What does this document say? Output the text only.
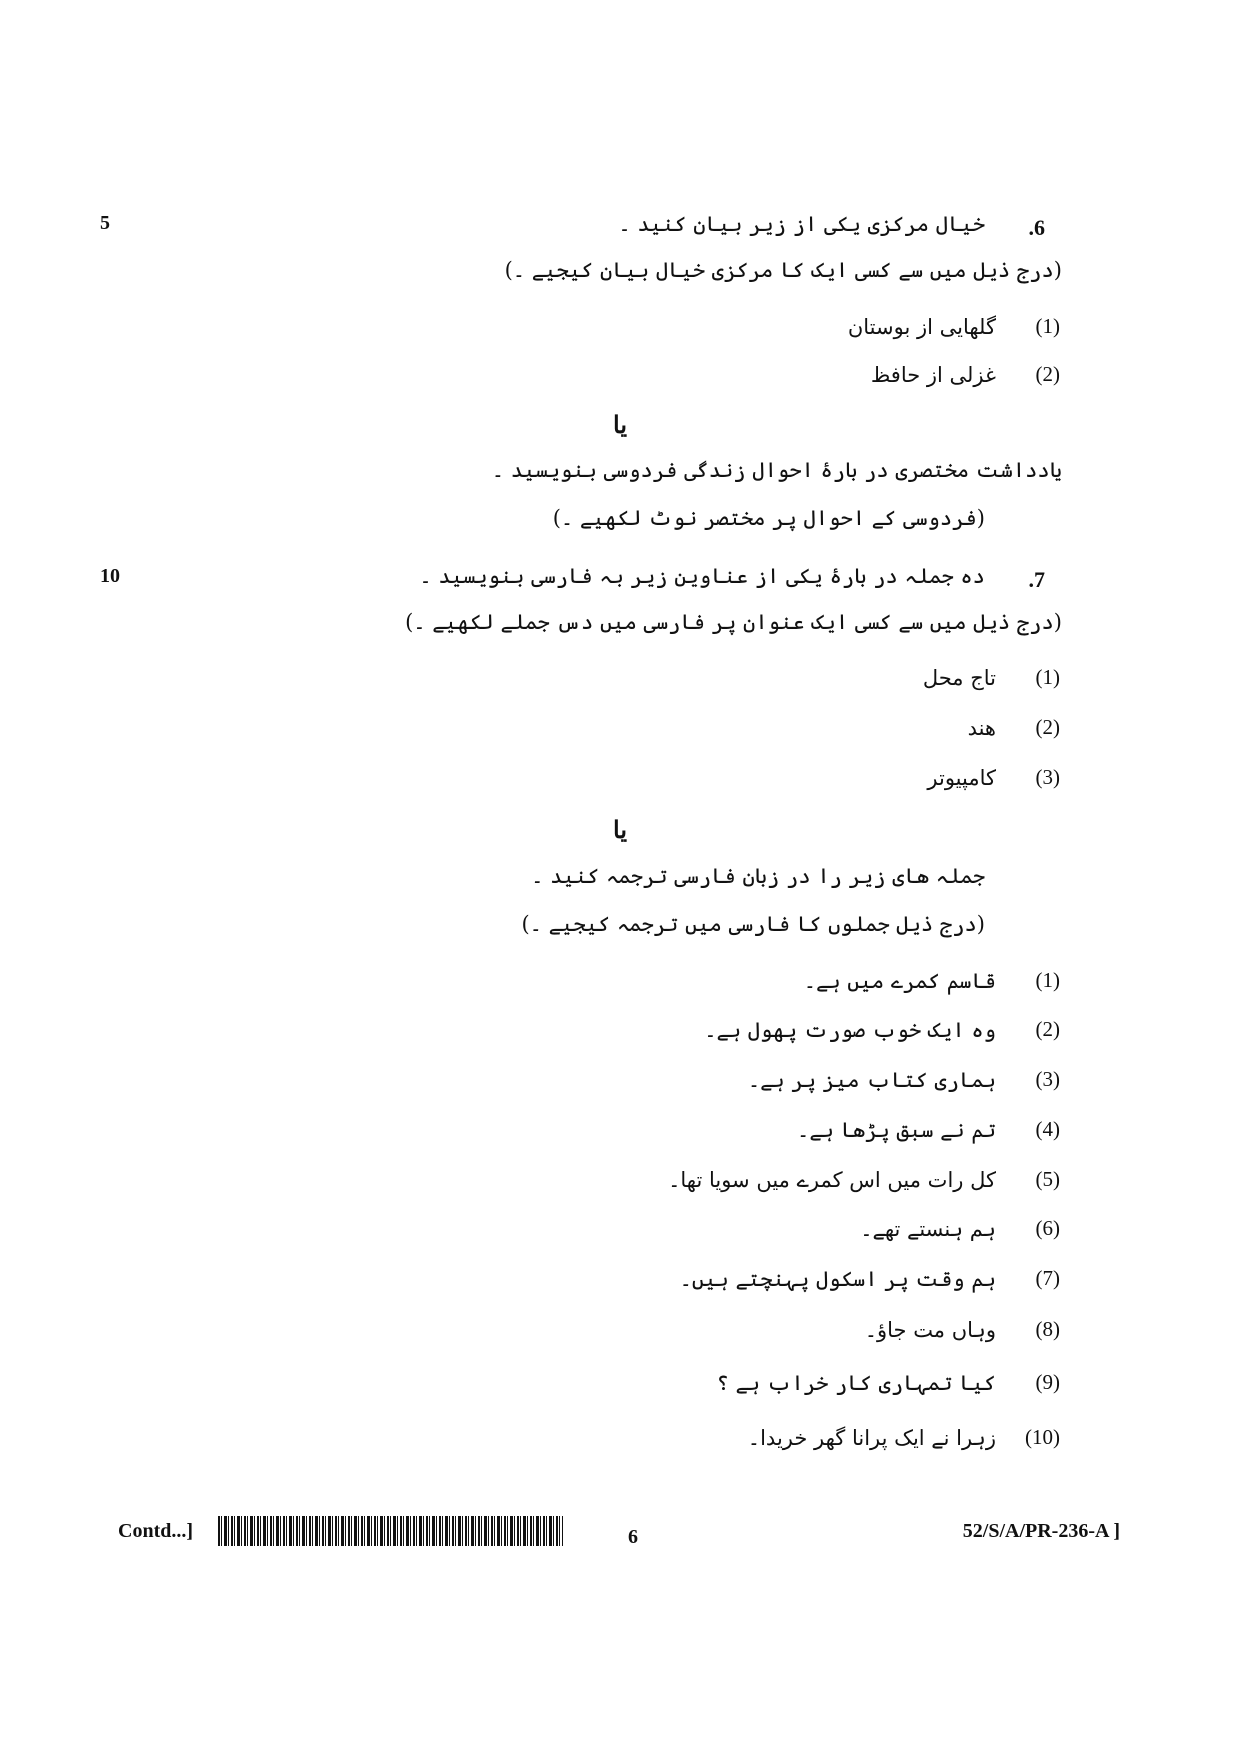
5	.6
خیال مرکزی یکی از زیر بیان کنید ۔
(درج ذیل میں سے کسی ایک کا مرکزی خیال بیان کیجیے ۔)
(1)
گلھایی از بوستان
(2)
غزلی از حافظ
یا
یادداشت مختصری در بارۂ احوال زندگی فردوسی بنویسید ۔
(فردوسی کے احوال پر مختصر نوٹ لکھیے ۔)
10	.7
ده جملہ در بارۂ یکی از عناوین زیر بہ فارسی بنویسید ۔
(درج ذیل میں سے کسی ایک عنوان پر فارسی میں دس جملے لکھیے ۔)
(1)
تاج محل
(2)
ھند
(3)
کامپیوتر
یا
جملہ ھای زیر را در زبان فارسی ترجمہ کنید ۔
(درج ذیل جملوں کا فارسی میں ترجمہ کیجیے ۔)
(1)
قاسم کمرے میں ہے۔
(2)
وہ ایک خوب صورت پھول ہے۔
(3)
ہماری کتاب میز پر ہے۔
(4)
تم نے سبق پڑھا ہے۔
(5)
کل رات میں اس کمرے میں سویا تھا۔
(6)
ہم ہنستے تھے۔
(7)
ہم وقت پر اسکول پہنچتے ہیں۔
(8)
وہاں مت جاؤ۔
(9)
کیا تمہاری کار خراب ہے ؟
(10)
زہرا نے ایک پرانا گھر خریدا۔
Contd...]	6	52/S/A/PR-236-A ]
